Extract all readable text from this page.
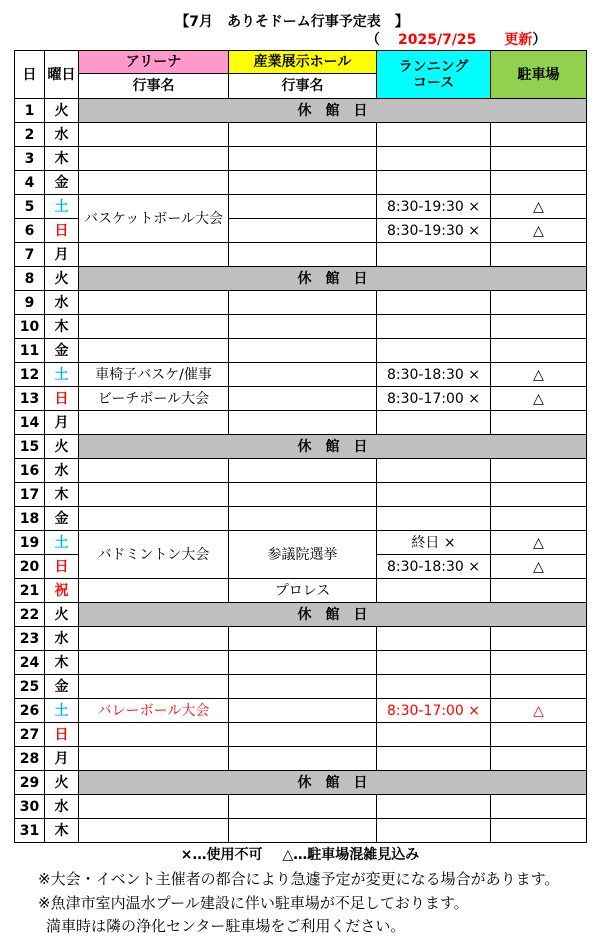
【7月　ありそドーム行事予定表　】
（ 2025/7/25 更新）
日	曜日	アリーナ	産業展示ホール	ランニング
コース	駐車場
		行事名	行事名		
1	火	休　館　日			
2	水				
3	木				
4	金				
5	土	バスケットボール大会		8:30-19:30 ×	△
6	日			8:30-19:30 ×	△
7	月				
8	火	休　館　日			
9	水				
10	木				
11	金				
12	土	車椅子バスケ/催事		8:30-18:30 ×	△
13	日	ビーチボール大会		8:30-17:00 ×	△
14	月				
15	火	休　館　日			
16	水				
17	木				
18	金				
19	土	バドミントン大会	参議院選挙	終日 ×	△
20	日			8:30-18:30 ×	△
21	祝		プロレス		
22	火	休　館　日			
23	水				
24	木				
25	金				
26	土	バレーボール大会		8:30-17:00 ×	△
27	日				
28	月				
29	火	休　館　日			
30	水				
31	木				
×…使用不可 △…駐車場混雑見込み
※大会・イベント主催者の都合により急遽予定が変更になる場合があります。
※魚津市室内温水プール建設に伴い駐車場が不足しております。
満車時は隣の浄化センター駐車場をご利用ください。
